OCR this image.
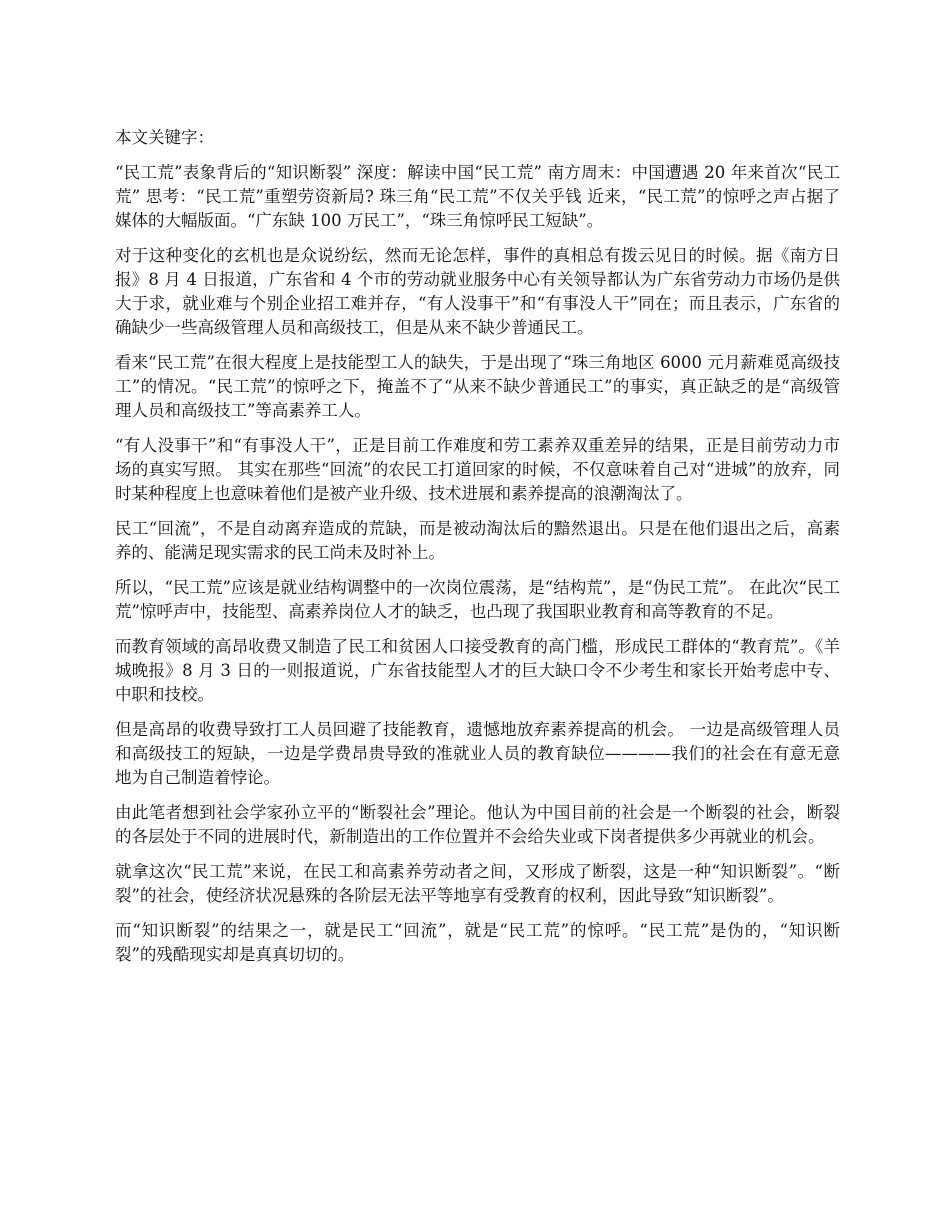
本文关键字：

“民工荒”表象背后的“知识断裂” 深度：解读中国“民工荒” 南方周末：中国遭遇 20 年来首次“民工荒” 思考：“民工荒”重塑劳资新局? 珠三角“民工荒”不仅关乎钱 近来，“民工荒”的惊呼之声占据了媒体的大幅版面。“广东缺 100 万民工”，“珠三角惊呼民工短缺”。

对于这种变化的玄机也是众说纷纭，然而无论怎样，事件的真相总有拨云见日的时候。据《南方日报》8 月 4 日报道，广东省和 4 个市的劳动就业服务中心有关领导都认为广东省劳动力市场仍是供大于求，就业难与个别企业招工难并存，“有人没事干”和“有事没人干”同在；而且表示，广东省的确缺少一些高级管理人员和高级技工，但是从来不缺少普通民工。

看来“民工荒”在很大程度上是技能型工人的缺失，于是出现了“珠三角地区 6000 元月薪难觅高级技工”的情况。“民工荒”的惊呼之下，掩盖不了“从来不缺少普通民工”的事实，真正缺乏的是“高级管理人员和高级技工”等高素养工人。

“有人没事干”和“有事没人干”，正是目前工作难度和劳工素养双重差异的结果，正是目前劳动力市场的真实写照。 其实在那些“回流”的农民工打道回家的时候，不仅意味着自己对“进城”的放弃，同时某种程度上也意味着他们是被产业升级、技术进展和素养提高的浪潮淘汰了。

民工“回流”，不是自动离弃造成的荒缺，而是被动淘汰后的黯然退出。只是在他们退出之后，高素养的、能满足现实需求的民工尚未及时补上。

所以，“民工荒”应该是就业结构调整中的一次岗位震荡，是“结构荒”，是“伪民工荒”。 在此次“民工荒”惊呼声中，技能型、高素养岗位人才的缺乏，也凸现了我国职业教育和高等教育的不足。

而教育领域的高昂收费又制造了民工和贫困人口接受教育的高门槛，形成民工群体的“教育荒”。《羊城晚报》8 月 3 日的一则报道说，广东省技能型人才的巨大缺口令不少考生和家长开始考虑中专、中职和技校。

但是高昂的收费导致打工人员回避了技能教育，遗憾地放弃素养提高的机会。 一边是高级管理人员和高级技工的短缺，一边是学费昂贵导致的准就业人员的教育缺位————我们的社会在有意无意地为自己制造着悖论。

由此笔者想到社会学家孙立平的“断裂社会”理论。他认为中国目前的社会是一个断裂的社会，断裂的各层处于不同的进展时代，新制造出的工作位置并不会给失业或下岗者提供多少再就业的机会。

就拿这次“民工荒”来说，在民工和高素养劳动者之间，又形成了断裂，这是一种“知识断裂”。“断裂”的社会，使经济状况悬殊的各阶层无法平等地享有受教育的权利，因此导致“知识断裂”。

而“知识断裂”的结果之一，就是民工“回流”，就是“民工荒”的惊呼。“民工荒”是伪的，“知识断裂”的残酷现实却是真真切切的。
